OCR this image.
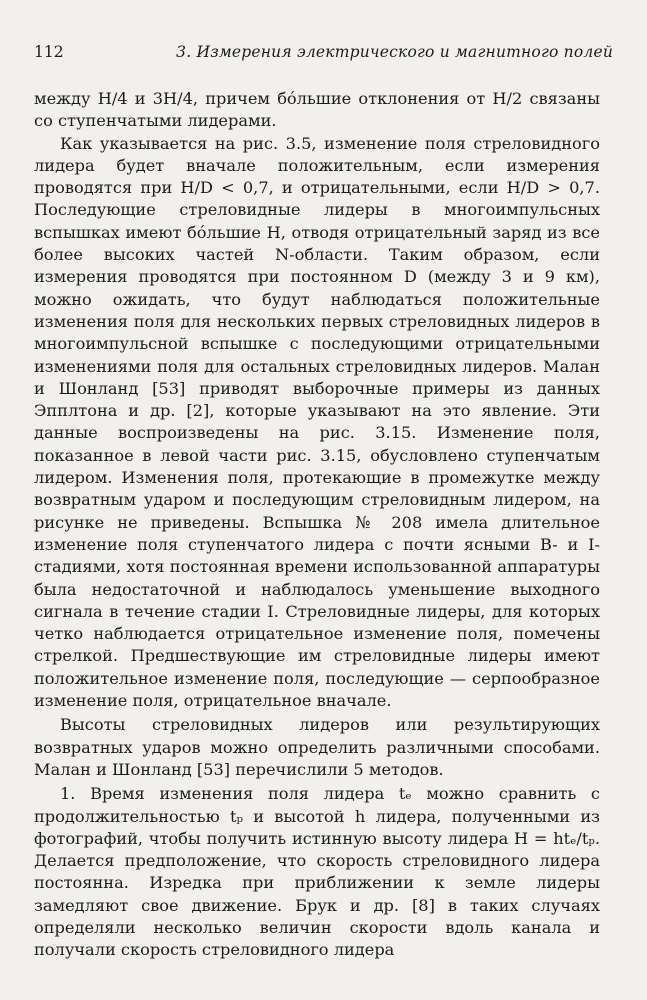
112	3. Измерения электрического и магнитного полей

между H/4 и 3H/4, причем бóльшие отклонения от H/2 связаны со ступенчатыми лидерами.

Как указывается на рис. 3.5, изменение поля стреловидного лидера будет вначале положительным, если измерения проводятся при H/D < 0,7, и отрицательными, если H/D > 0,7. Последующие стреловидные лидеры в многоимпульсных вспышках имеют бóльшие H, отводя отрицательный заряд из все более высоких частей N-области. Таким образом, если измерения проводятся при постоянном D (между 3 и 9 км), можно ожидать, что будут наблюдаться положительные изменения поля для нескольких первых стреловидных лидеров в многоимпульсной вспышке с последующими отрицательными изменениями поля для остальных стреловидных лидеров. Малан и Шонланд [53] приводят выборочные примеры из данных Эпплтона и др. [2], которые указывают на это явление. Эти данные воспроизведены на рис. 3.15. Изменение поля, показанное в левой части рис. 3.15, обусловлено ступенчатым лидером. Изменения поля, протекающие в промежутке между возвратным ударом и последующим стреловидным лидером, на рисунке не приведены. Вспышка № 208 имела длительное изменение поля ступенчатого лидера с почти ясными B- и I-стадиями, хотя постоянная времени использованной аппаратуры была недостаточной и наблюдалось уменьшение выходного сигнала в течение стадии I. Стреловидные лидеры, для которых четко наблюдается отрицательное изменение поля, помечены стрелкой. Предшествующие им стреловидные лидеры имеют положительное изменение поля, последующие — серпообразное изменение поля, отрицательное вначале.

Высоты стреловидных лидеров или результирующих возвратных ударов можно определить различными способами. Малан и Шонланд [53] перечислили 5 методов.

1. Время изменения поля лидера tₑ можно сравнить с продолжительностью tₚ и высотой h лидера, полученными из фотографий, чтобы получить истинную высоту лидера H = htₑ/tₚ. Делается предположение, что скорость стреловидного лидера постоянна. Изредка при приближении к земле лидеры замедляют свое движение. Брук и др. [8] в таких случаях определяли несколько величин скорости вдоль канала и получали скорость стреловидного лидера
